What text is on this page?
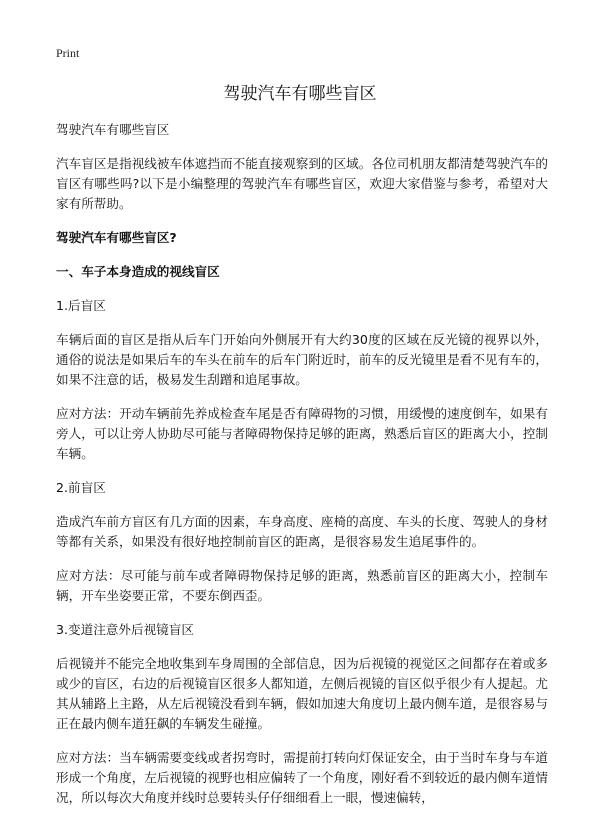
Print
驾驶汽车有哪些盲区

驾驶汽车有哪些盲区

汽车盲区是指视线被车体遮挡而不能直接观察到的区域。各位司机朋友都清楚驾驶汽车的盲区有哪些吗?以下是小编整理的驾驶汽车有哪些盲区，欢迎大家借鉴与参考，希望对大家有所帮助。

驾驶汽车有哪些盲区?

一、车子本身造成的视线盲区

1.后盲区

车辆后面的盲区是指从后车门开始向外侧展开有大约30度的区域在反光镜的视界以外，通俗的说法是如果后车的车头在前车的后车门附近时，前车的反光镜里是看不见有车的，如果不注意的话，极易发生刮蹭和追尾事故。

应对方法：开动车辆前先养成检查车尾是否有障碍物的习惯，用缓慢的速度倒车，如果有旁人，可以让旁人协助尽可能与者障碍物保持足够的距离，熟悉后盲区的距离大小，控制车辆。

2.前盲区

造成汽车前方盲区有几方面的因素，车身高度、座椅的高度、车头的长度、驾驶人的身材等都有关系，如果没有很好地控制前盲区的距离，是很容易发生追尾事件的。

应对方法：尽可能与前车或者障碍物保持足够的距离，熟悉前盲区的距离大小，控制车辆，开车坐姿要正常，不要东倒西歪。

3.变道注意外后视镜盲区

后视镜并不能完全地收集到车身周围的全部信息，因为后视镜的视觉区之间都存在着或多或少的盲区，右边的后视镜盲区很多人都知道，左侧后视镜的盲区似乎很少有人提起。尤其从辅路上主路，从左后视镜没看到车辆，假如加速大角度切上最内侧车道，是很容易与正在最内侧车道狂飙的车辆发生碰撞。

应对方法：当车辆需要变线或者拐弯时，需提前打转向灯保证安全，由于当时车身与车道形成一个角度，左后视镜的视野也相应偏转了一个角度，刚好看不到较近的最内侧车道情况，所以每次大角度并线时总要转头仔仔细细看上一眼，慢速偏转，
